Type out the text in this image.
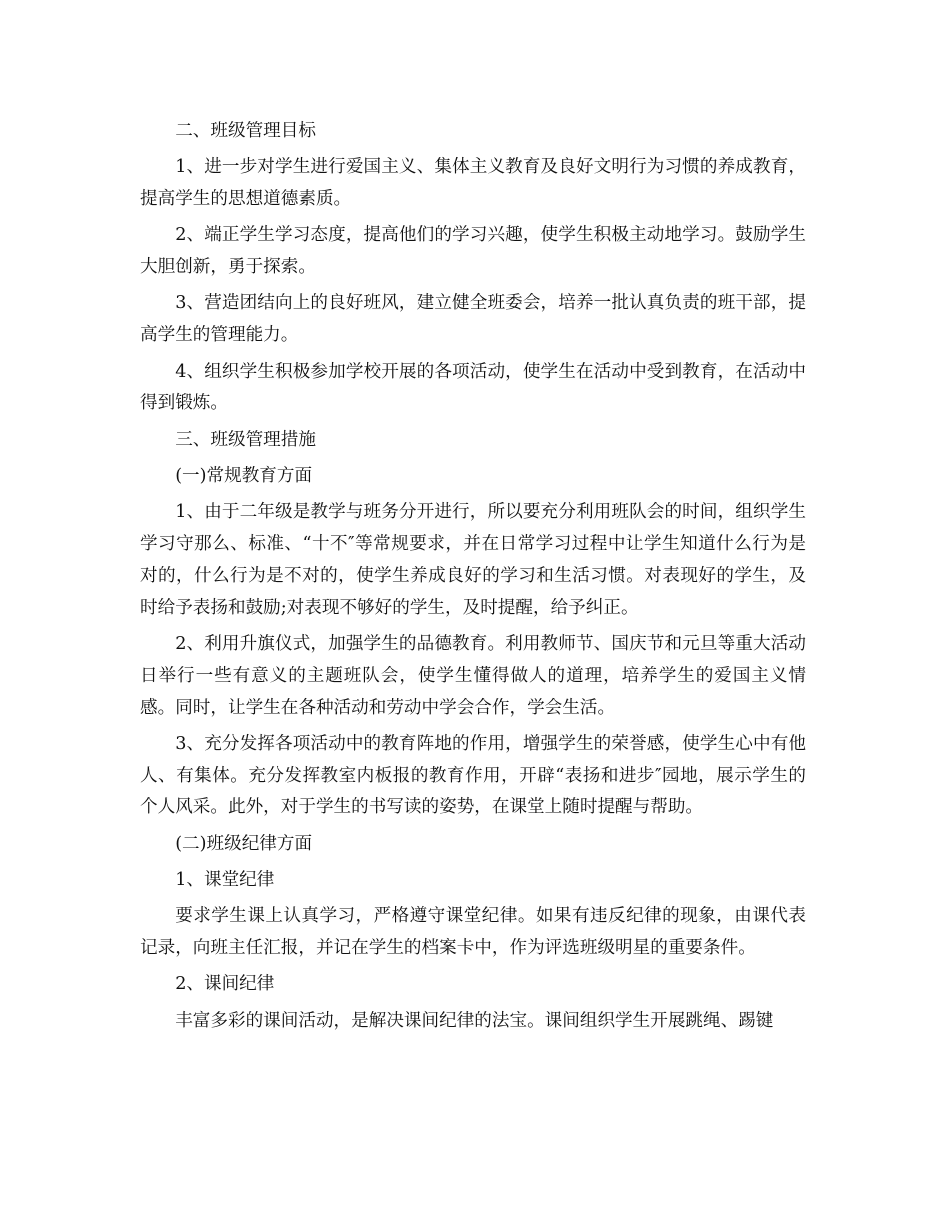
二、班级管理目标

1、进一步对学生进行爱国主义、集体主义教育及良好文明行为习惯的养成教育，提高学生的思想道德素质。

2、端正学生学习态度，提高他们的学习兴趣，使学生积极主动地学习。鼓励学生大胆创新，勇于探索。

3、营造团结向上的良好班风，建立健全班委会，培养一批认真负责的班干部，提高学生的管理能力。

4、组织学生积极参加学校开展的各项活动，使学生在活动中受到教育，在活动中得到锻炼。

三、班级管理措施

(一)常规教育方面

1、由于二年级是教学与班务分开进行，所以要充分利用班队会的时间，组织学生学习守那么、标准、“十不″等常规要求，并在日常学习过程中让学生知道什么行为是对的，什么行为是不对的，使学生养成良好的学习和生活习惯。对表现好的学生，及时给予表扬和鼓励;对表现不够好的学生，及时提醒，给予纠正。

2、利用升旗仪式，加强学生的品德教育。利用教师节、国庆节和元旦等重大活动日举行一些有意义的主题班队会，使学生懂得做人的道理，培养学生的爱国主义情感。同时，让学生在各种活动和劳动中学会合作，学会生活。

3、充分发挥各项活动中的教育阵地的作用，增强学生的荣誉感，使学生心中有他人、有集体。充分发挥教室内板报的教育作用，开辟“表扬和进步″园地，展示学生的个人风采。此外，对于学生的书写读的姿势，在课堂上随时提醒与帮助。

(二)班级纪律方面

1、课堂纪律

要求学生课上认真学习，严格遵守课堂纪律。如果有违反纪律的现象，由课代表记录，向班主任汇报，并记在学生的档案卡中，作为评选班级明星的重要条件。

2、课间纪律

丰富多彩的课间活动，是解决课间纪律的法宝。课间组织学生开展跳绳、踢键
